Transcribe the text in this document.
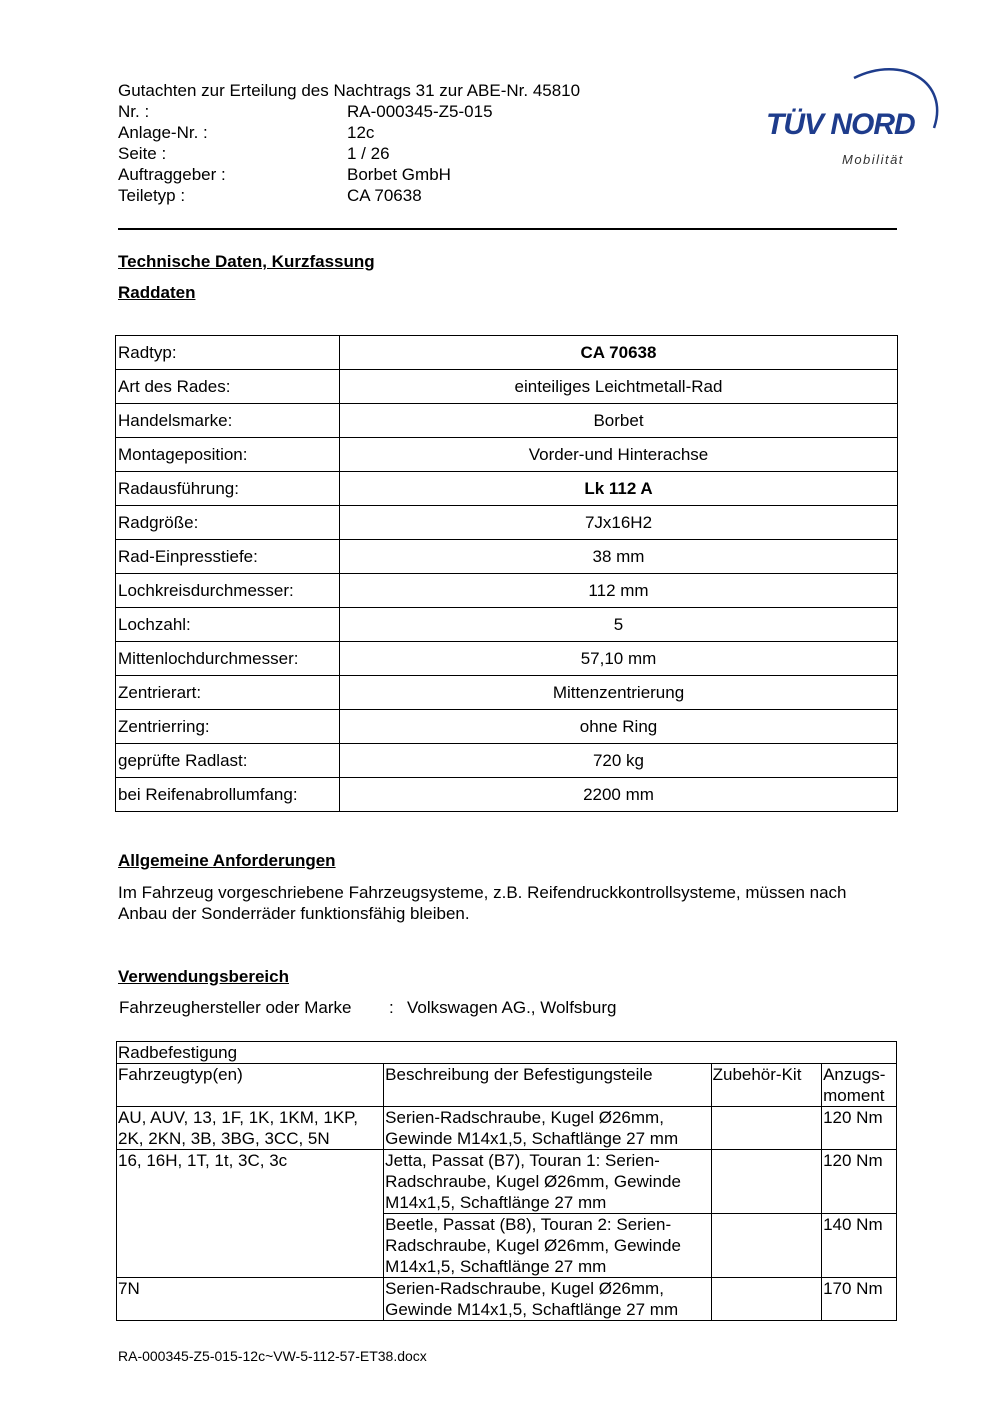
Gutachten zur Erteilung des Nachtrags 31 zur ABE-Nr. 45810
Nr. :	RA-000345-Z5-015
Anlage-Nr. :	12c
Seite :	1 / 26
Auftraggeber :	Borbet GmbH
Teiletyp :	CA 70638
TÜV NORD
Mobilität
Technische Daten, Kurzfassung
Raddaten
Radtyp:	CA 70638
Art des Rades:	einteiliges Leichtmetall-Rad
Handelsmarke:	Borbet
Montageposition:	Vorder-und Hinterachse
Radausführung:	Lk 112 A
Radgröße:	7Jx16H2
Rad-Einpresstiefe:	38 mm
Lochkreisdurchmesser:	112 mm
Lochzahl:	5
Mittenlochdurchmesser:	57,10 mm
Zentrierart:	Mittenzentrierung
Zentrierring:	ohne Ring
geprüfte Radlast:	720 kg
bei Reifenabrollumfang:	2200 mm
Allgemeine Anforderungen
Im Fahrzeug vorgeschriebene Fahrzeugsysteme, z.B. Reifendruckkontrollsysteme, müssen nach Anbau der Sonderräder funktionsfähig bleiben.
Verwendungsbereich
Fahrzeughersteller oder Marke	: Volkswagen AG., Wolfsburg
Radbefestigung			
Fahrzeugtyp(en)	Beschreibung der Befestigungsteile	Zubehör-Kit	Anzugs-moment
AU, AUV, 13, 1F, 1K, 1KM, 1KP, 2K, 2KN, 3B, 3BG, 3CC, 5N	Serien-Radschraube, Kugel Ø26mm, Gewinde M14x1,5, Schaftlänge 27 mm		120 Nm
16, 16H, 1T, 1t, 3C, 3c	Jetta, Passat (B7), Touran 1: Serien-Radschraube, Kugel Ø26mm, Gewinde M14x1,5, Schaftlänge 27 mm		120 Nm
	Beetle, Passat (B8), Touran 2: Serien-Radschraube, Kugel Ø26mm, Gewinde M14x1,5, Schaftlänge 27 mm		140 Nm
7N	Serien-Radschraube, Kugel Ø26mm, Gewinde M14x1,5, Schaftlänge 27 mm		170 Nm
RA-000345-Z5-015-12c~VW-5-112-57-ET38.docx
